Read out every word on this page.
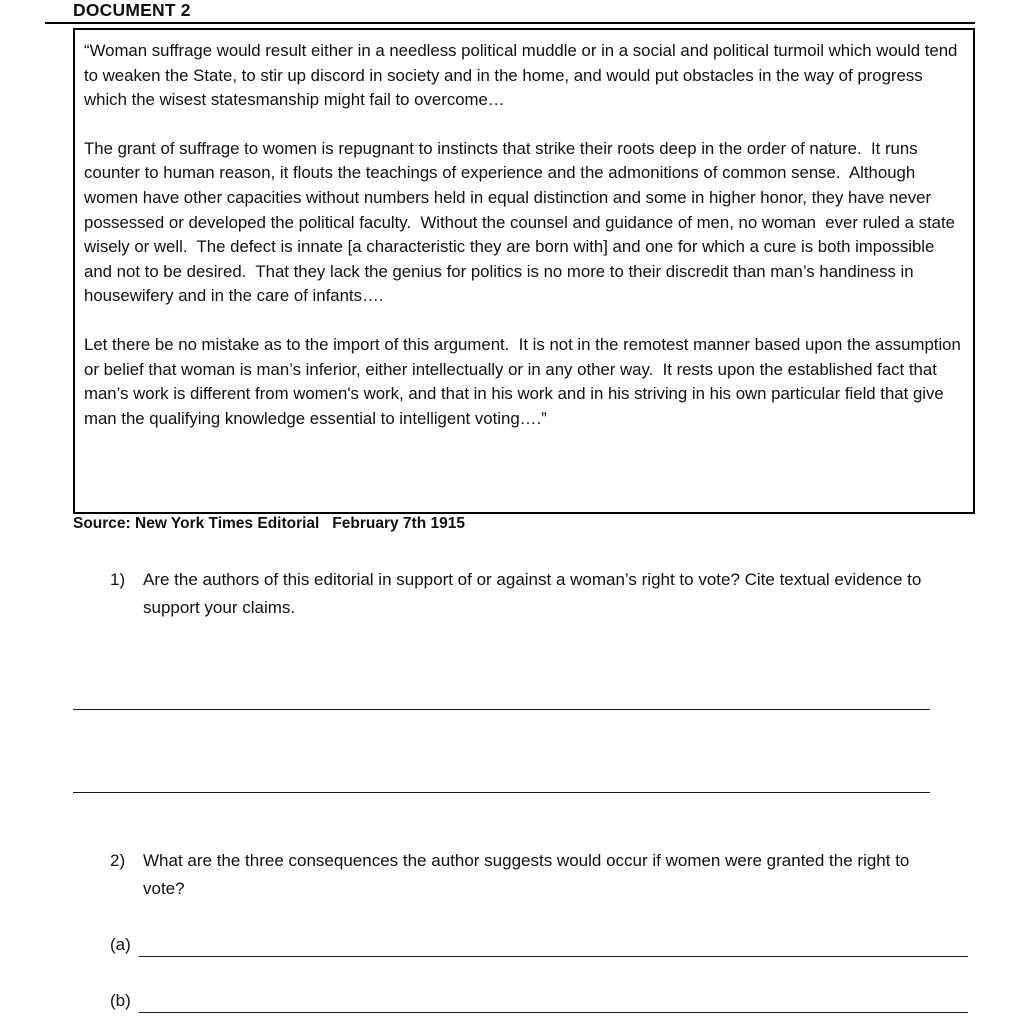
DOCUMENT 2

“Woman suffrage would result either in a needless political muddle or in a social and political turmoil which would tend to weaken the State, to stir up discord in society and in the home, and would put obstacles in the way of progress which the wisest statesmanship might fail to overcome…

The grant of suffrage to women is repugnant to instincts that strike their roots deep in the order of nature.  It runs counter to human reason, it flouts the teachings of experience and the admonitions of common sense.  Although women have other capacities without numbers held in equal distinction and some in higher honor, they have never possessed or developed the political faculty.  Without the counsel and guidance of men, no woman  ever ruled a state wisely or well.  The defect is innate [a characteristic they are born with] and one for which a cure is both impossible and not to be desired.  That they lack the genius for politics is no more to their discredit than man’s handiness in housewifery and in the care of infants….

Let there be no mistake as to the import of this argument.  It is not in the remotest manner based upon the assumption or belief that woman is man’s inferior, either intellectually or in any other way.  It rests upon the established fact that man’s work is different from women's work, and that in his work and in his striving in his own particular field that give man the qualifying knowledge essential to intelligent voting….”

Source: New York Times Editorial   February 7th 1915
1)	Are the authors of this editorial in support of or against a woman’s right to vote? Cite textual evidence to support your claims.
2)	What are the three consequences the author suggests would occur if women were granted the right to vote?
(a)
(b)
